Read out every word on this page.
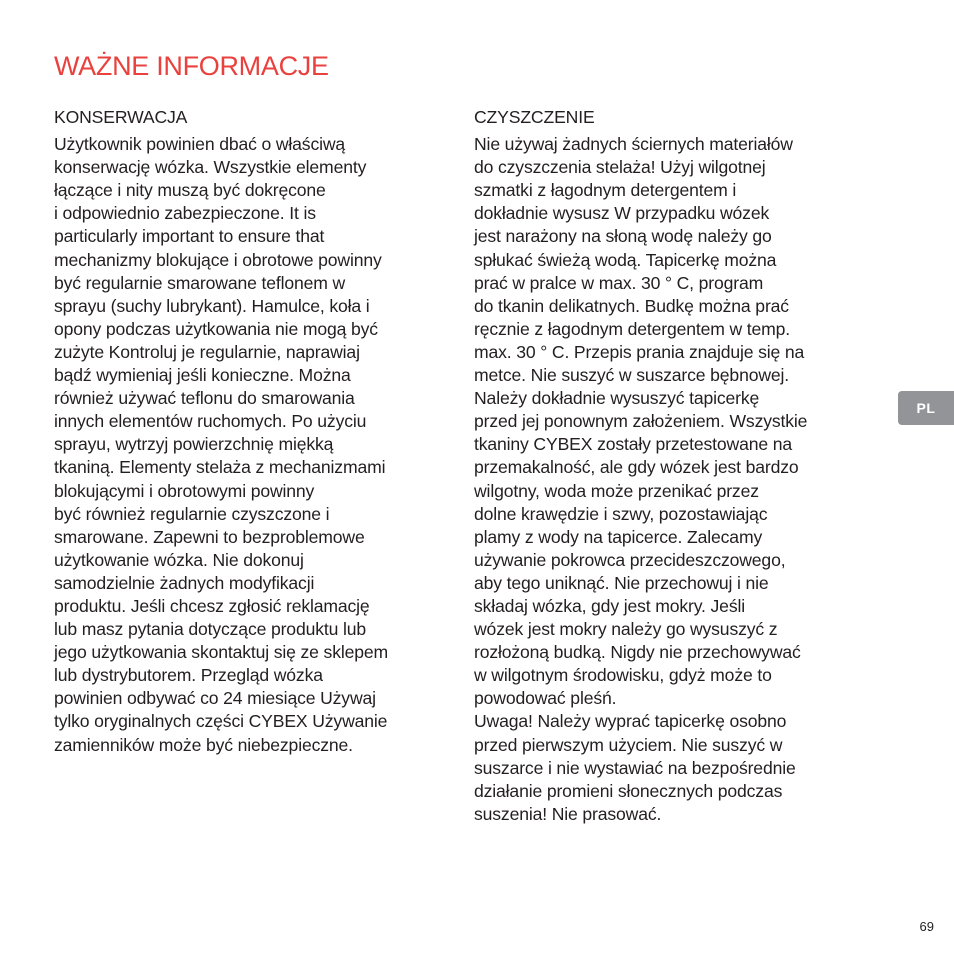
WAŻNE INFORMACJE
KONSERWACJA
Użytkownik powinien dbać o właściwą
konserwację wózka. Wszystkie elementy
łączące i nity muszą być dokręcone
i odpowiednio zabezpieczone. It is
particularly important to ensure that
mechanizmy blokujące i obrotowe powinny
być regularnie smarowane teflonem w
sprayu (suchy lubrykant). Hamulce, koła i
opony podczas użytkowania nie mogą być
zużyte Kontroluj je regularnie, naprawiaj
bądź wymieniaj jeśli konieczne. Można
również używać teflonu do smarowania
innych elementów ruchomych. Po użyciu
sprayu, wytrzyj powierzchnię miękką
tkaniną. Elementy stelaża z mechanizmami
blokującymi i obrotowymi powinny
być również regularnie czyszczone i
smarowane. Zapewni to bezproblemowe
użytkowanie wózka. Nie dokonuj
samodzielnie żadnych modyfikacji
produktu. Jeśli chcesz zgłosić reklamację
lub masz pytania dotyczące produktu lub
jego użytkowania skontaktuj się ze sklepem
lub dystrybutorem. Przegląd wózka
powinien odbywać co 24 miesiące Używaj
tylko oryginalnych części CYBEX Używanie
zamienników może być niebezpieczne.
CZYSZCZENIE
Nie używaj żadnych ściernych materiałów
do czyszczenia stelaża! Użyj wilgotnej
szmatki z łagodnym detergentem i
dokładnie wysusz W przypadku wózek
jest narażony na słoną wodę należy go
spłukać świeżą wodą. Tapicerkę można
prać w pralce w max. 30 ° C, program
do tkanin delikatnych. Budkę można prać
ręcznie z łagodnym detergentem w temp.
max. 30 ° C. Przepis prania znajduje się na
metce. Nie suszyć w suszarce bębnowej.
Należy dokładnie wysuszyć tapicerkę
przed jej ponownym założeniem. Wszystkie
tkaniny CYBEX zostały przetestowane na
przemakalność, ale gdy wózek jest bardzo
wilgotny, woda może przenikać przez
dolne krawędzie i szwy, pozostawiając
plamy z wody na tapicerce. Zalecamy
używanie pokrowca przecideszczowego,
aby tego uniknąć. Nie przechowuj i nie
składaj wózka, gdy jest mokry. Jeśli
wózek jest mokry należy go wysuszyć z
rozłożoną budką. Nigdy nie przechowywać
w wilgotnym środowisku, gdyż może to
powodować pleśń.
Uwaga! Należy wyprać tapicerkę osobno
przed pierwszym użyciem. Nie suszyć w
suszarce i nie wystawiać na bezpośrednie
działanie promieni słonecznych podczas
suszenia! Nie prasować.
PL
69
